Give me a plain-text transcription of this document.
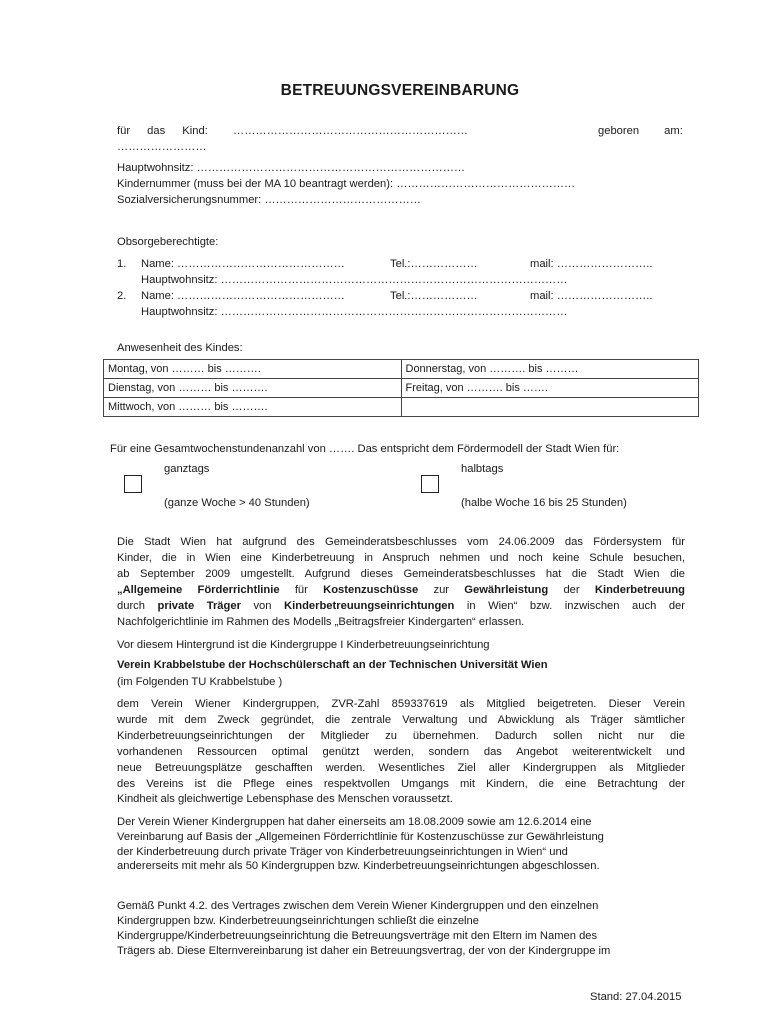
BETREUUNGSVEREINBARUNG
für das Kind:	………………………………………………………	geboren am:
……………………
Hauptwohnsitz: ………………………………………………………………
Kindernummer (muss bei der MA 10 beantragt werden): …………………………………………
Sozialversicherungsnummer: ……………………………………
Obsorgeberechtigte:
1. Name: ………………………………………	Tel.:………………	mail: ……………………..
Hauptwohnsitz: …………………………………………………………………………………
2. Name: ………………………………………	Tel.:………………	mail: ……………………..
Hauptwohnsitz: …………………………………………………………………………………
Anwesenheit des Kindes:
Montag, von ……… bis ……….	Donnerstag, von ………. bis ………
Dienstag, von ……… bis ……….	Freitag, von ………. bis …….
Mittwoch, von ……… bis ……….	
Für eine Gesamtwochenstundenanzahl von ……. Das entspricht dem Fördermodell der Stadt Wien für:
ganztags
(ganze Woche > 40 Stunden)
halbtags
(halbe Woche 16 bis 25 Stunden)
Die Stadt Wien hat aufgrund des Gemeinderatsbeschlusses vom 24.06.2009 das Fördersystem für
Kinder, die in Wien eine Kinderbetreuung in Anspruch nehmen und noch keine Schule besuchen,
ab September 2009 umgestellt. Aufgrund dieses Gemeinderatsbeschlusses hat die Stadt Wien die
„Allgemeine Förderrichtlinie für Kostenzuschüsse zur Gewährleistung der Kinderbetreuung
durch private Träger von Kinderbetreuungseinrichtungen in Wien“ bzw. inzwischen auch der
Nachfolgerichtlinie im Rahmen des Modells „Beitragsfreier Kindergarten“ erlassen.
Vor diesem Hintergrund ist die Kindergruppe I Kinderbetreuungseinrichtung
Verein Krabbelstube der Hochschülerschaft an der Technischen Universität Wien
(im Folgenden TU Krabbelstube )
dem Verein Wiener Kindergruppen, ZVR-Zahl 859337619 als Mitglied beigetreten. Dieser Verein
wurde mit dem Zweck gegründet, die zentrale Verwaltung und Abwicklung als Träger sämtlicher
Kinderbetreuungseinrichtungen der Mitglieder zu übernehmen. Dadurch sollen nicht nur die
vorhandenen Ressourcen optimal genützt werden, sondern das Angebot weiterentwickelt und
neue Betreuungsplätze geschafften werden. Wesentliches Ziel aller Kindergruppen als Mitglieder
des Vereins ist die Pflege eines respektvollen Umgangs mit Kindern, die eine Betrachtung der
Kindheit als gleichwertige Lebensphase des Menschen voraussetzt.
Der Verein Wiener Kindergruppen hat daher einerseits am 18.08.2009 sowie am 12.6.2014 eine
Vereinbarung auf Basis der „Allgemeinen Förderrichtlinie für Kostenzuschüsse zur Gewährleistung
der Kinderbetreuung durch private Träger von Kinderbetreuungseinrichtungen in Wien“ und
andererseits mit mehr als 50 Kindergruppen bzw. Kinderbetreuungseinrichtungen abgeschlossen.
Gemäß Punkt 4.2. des Vertrages zwischen dem Verein Wiener Kindergruppen und den einzelnen
Kindergruppen bzw. Kinderbetreuungseinrichtungen schließt die einzelne
Kindergruppe/Kinderbetreuungseinrichtung die Betreuungsverträge mit den Eltern im Namen des
Trägers ab. Diese Elternvereinbarung ist daher ein Betreuungsvertrag, der von der Kindergruppe im
Stand: 27.04.2015
